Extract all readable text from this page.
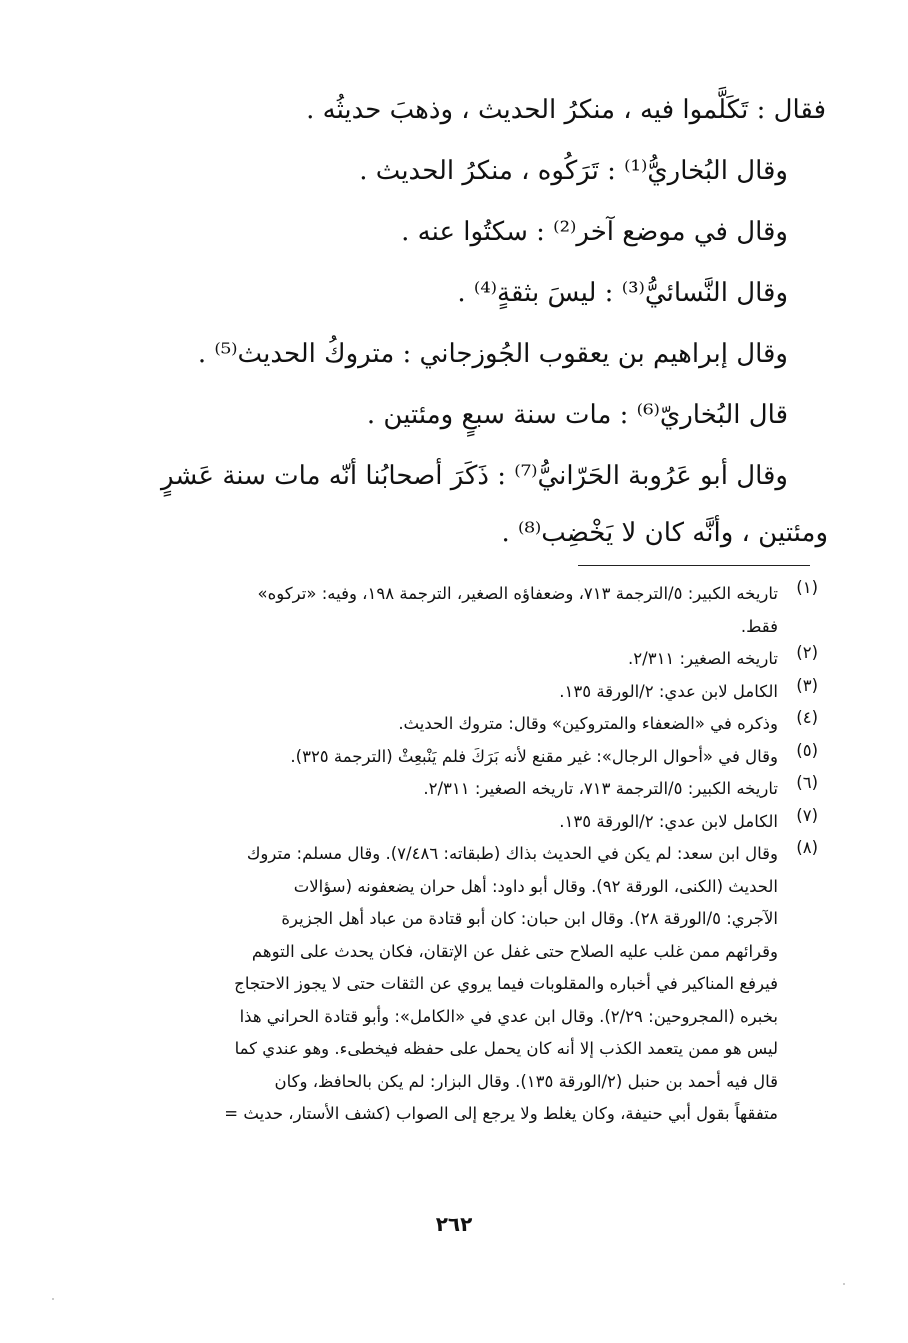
فقال : تَكَلَّموا فيه ، منكرُ الحديث ، وذهبَ حديثُه .
وقال البُخاريُّ⁽¹⁾ : تَرَكُوه ، منكرُ الحديث .
وقال في موضع آخر⁽²⁾ : سكتُوا عنه .
وقال النَّسائيُّ⁽³⁾ : ليسَ بثقةٍ⁽⁴⁾ .
وقال إبراهيم بن يعقوب الجُوزجاني : متروكُ الحديث⁽⁵⁾ .
قال البُخاريّ⁽⁶⁾ : مات سنة سبعٍ ومئتين .
وقال أبو عَرُوبة الحَرّانيُّ⁽⁷⁾ : ذَكَرَ أصحابُنا أنّه مات سنة عَشرٍ
ومئتين ، وأنَّه كان لا يَخْضِب⁽⁸⁾ .
(١)
تاريخه الكبير: ٥/الترجمة ٧١٣، وضعفاؤه الصغير، الترجمة ١٩٨، وفيه: «تركوه»
فقط.
(٢)
تاريخه الصغير: ٢/٣١١.
(٣)
الكامل لابن عدي: ٢/الورقة ١٣٥.
(٤)
وذكره في «الضعفاء والمتروكين» وقال: متروك الحديث.
(٥)
وقال في «أحوال الرجال»: غير مقنع لأنه بَرَكَ فلم يَنْبعِثْ (الترجمة ٣٢٥).
(٦)
تاريخه الكبير: ٥/الترجمة ٧١٣، تاريخه الصغير: ٢/٣١١.
(٧)
الكامل لابن عدي: ٢/الورقة ١٣٥.
(٨)
وقال ابن سعد: لم يكن في الحديث بذاك (طبقاته: ٧/٤٨٦). وقال مسلم: متروك
الحديث (الكنى، الورقة ٩٢). وقال أبو داود: أهل حران يضعفونه (سؤالات
الآجري: ٥/الورقة ٢٨). وقال ابن حبان: كان أبو قتادة من عباد أهل الجزيرة
وقرائهم ممن غلب عليه الصلاح حتى غفل عن الإتقان، فكان يحدث على التوهم
فيرفع المناكير في أخباره والمقلوبات فيما يروي عن الثقات حتى لا يجوز الاحتجاج
بخبره (المجروحين: ٢/٢٩). وقال ابن عدي في «الكامل»: وأبو قتادة الحراني هذا
ليس هو ممن يتعمد الكذب إلا أنه كان يحمل على حفظه فيخطىء. وهو عندي كما
قال فيه أحمد بن حنبل (٢/الورقة ١٣٥). وقال البزار: لم يكن بالحافظ، وكان
متفقهاً بقول أبي حنيفة، وكان يغلط ولا يرجع إلى الصواب (كشف الأستار، حديث =
٢٦٢
